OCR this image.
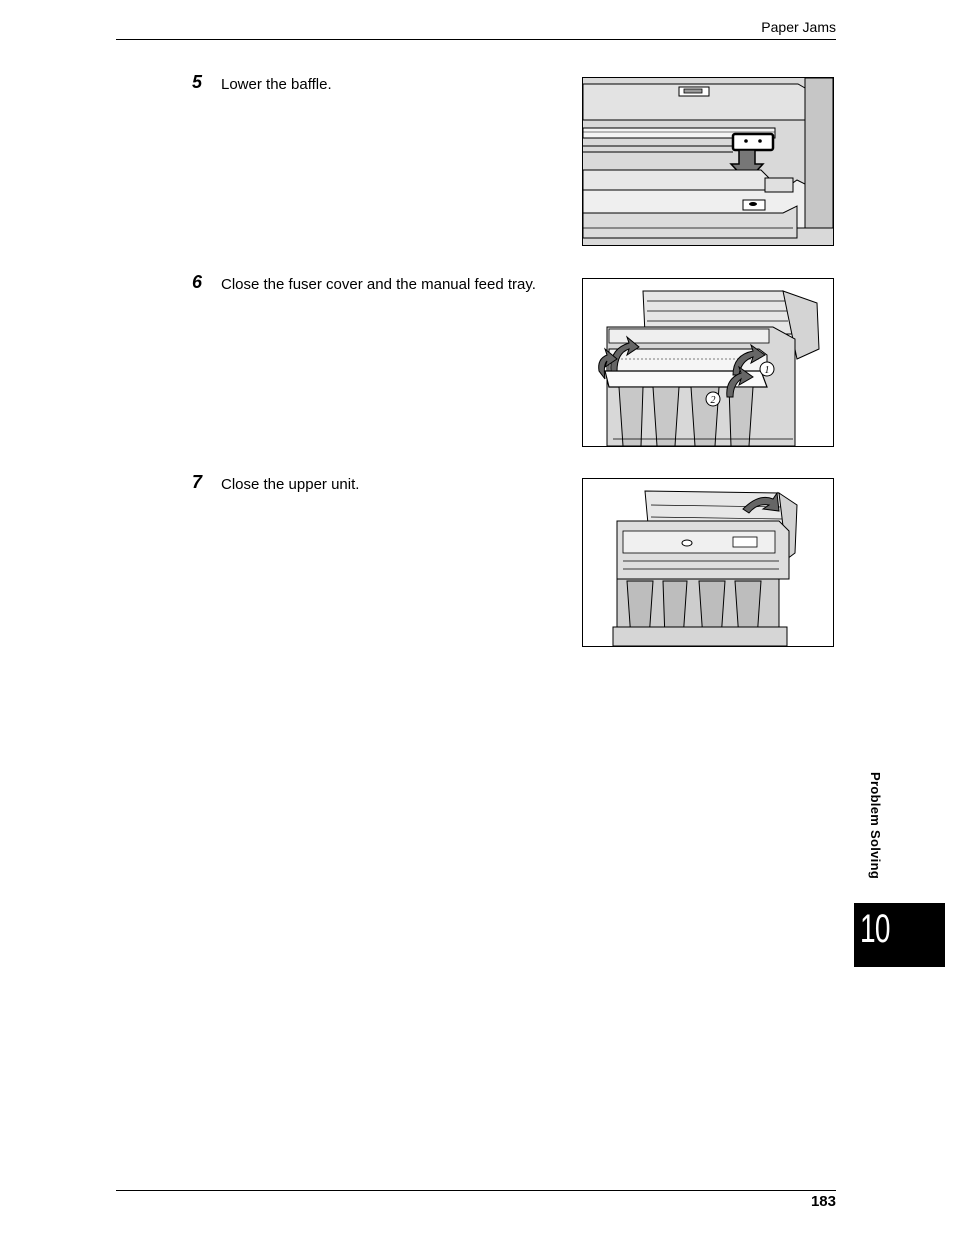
Paper Jams
5 Lower the baffle.
6 Close the fuser cover and the manual feed tray.
1
2
7 Close the upper unit.
Problem Solving
10
183
